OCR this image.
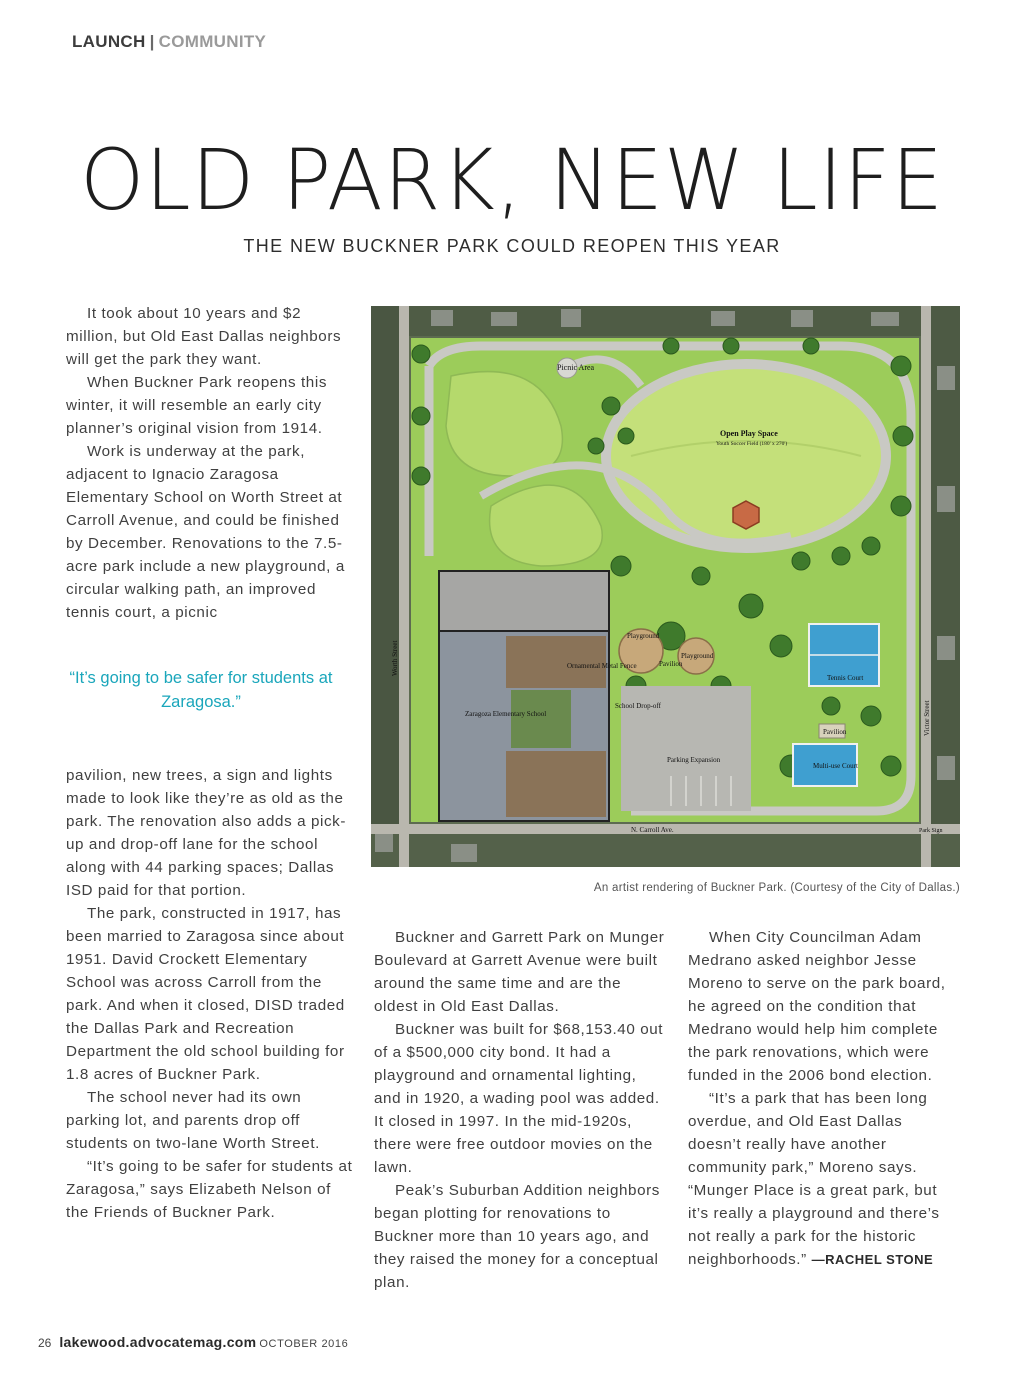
LAUNCH | COMMUNITY
OLD PARK, NEW LIFE
THE NEW BUCKNER PARK COULD REOPEN THIS YEAR

It took about 10 years and $2 million, but Old East Dallas neighbors will get the park they want.

When Buckner Park reopens this winter, it will resemble an early city planner’s original vision from 1914.

Work is underway at the park, adjacent to Ignacio Zaragosa Elementary School on Worth Street at Carroll Avenue, and could be finished by December. Renovations to the 7.5-acre park include a new playground, a circular walking path, an improved tennis court, a picnic

“It’s going to be safer for students at Zaragosa.”

pavilion, new trees, a sign and lights made to look like they’re as old as the park. The renovation also adds a pick-up and drop-off lane for the school along with 44 parking spaces; Dallas ISD paid for that portion.

The park, constructed in 1917, has been married to Zaragosa since about 1951. David Crockett Elementary School was across Carroll from the park. And when it closed, DISD traded the Dallas Park and Recreation Department the old school building for 1.8 acres of Buckner Park.

The school never had its own parking lot, and parents drop off students on two-lane Worth Street.

“It’s going to be safer for students at Zaragosa,” says Elizabeth Nelson of the Friends of Buckner Park.

Picnic Area
Open Play Space
Youth Soccer Field (180' x 270')
Playground
Playground
Pavilion
Ornamental Metal Fence
Zaragoza Elementary School
School Drop-off
Parking Expansion
Tennis Court
Pavilion
Multi-use Court
Worth Street
Victor Street
N. Carroll Ave.	Park Sign
An artist rendering of Buckner Park. (Courtesy of the City of Dallas.)

Buckner and Garrett Park on Munger Boulevard at Garrett Avenue were built around the same time and are the oldest in Old East Dallas.

Buckner was built for $68,153.40 out of a $500,000 city bond. It had a playground and ornamental lighting, and in 1920, a wading pool was added. It closed in 1997. In the mid-1920s, there were free outdoor movies on the lawn.

Peak’s Suburban Addition neighbors began plotting for renovations to Buckner more than 10 years ago, and they raised the money for a conceptual plan.

When City Councilman Adam Medrano asked neighbor Jesse Moreno to serve on the park board, he agreed on the condition that Medrano would help him complete the park renovations, which were funded in the 2006 bond election.

“It’s a park that has been long overdue, and Old East Dallas doesn’t really have another community park,” Moreno says. “Munger Place is a great park, but it’s really a playground and there’s not really a park for the historic neighborhoods.” —RACHEL STONE

26 lakewood.advocatemag.com OCTOBER 2016
